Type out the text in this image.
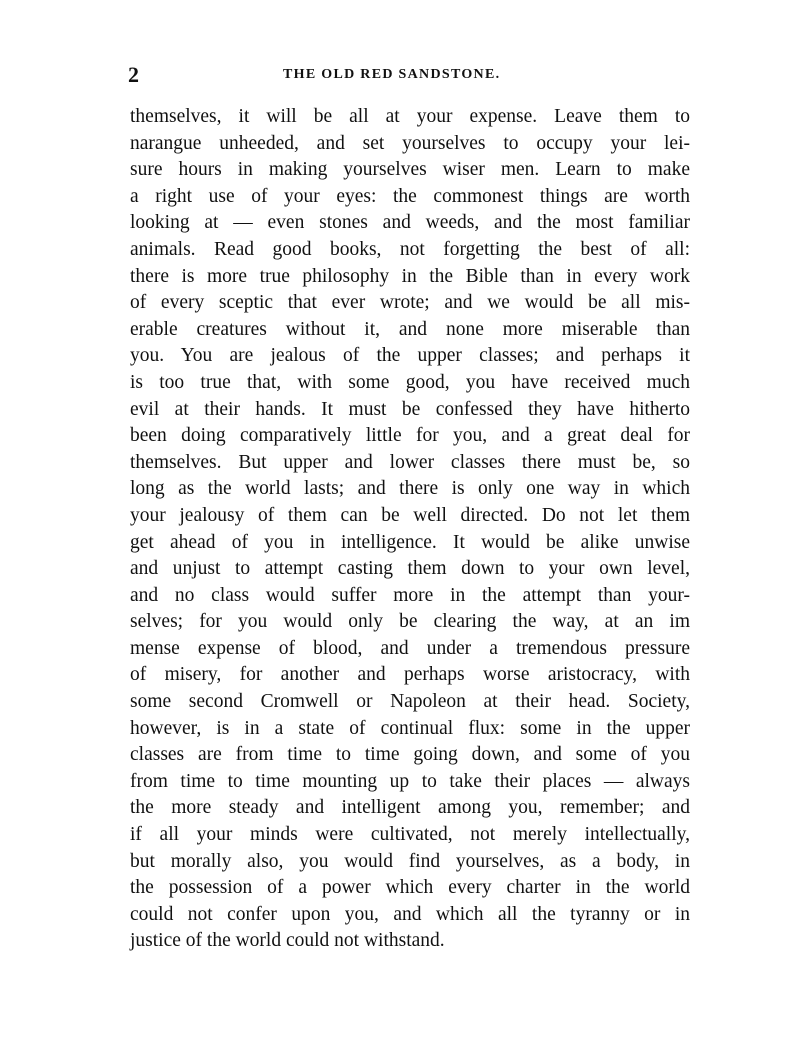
2	THE OLD RED SANDSTONE.
themselves, it will be all at your expense. Leave them to
narangue unheeded, and set yourselves to occupy your lei-
sure hours in making yourselves wiser men. Learn to make
a right use of your eyes: the commonest things are worth
looking at — even stones and weeds, and the most familiar
animals. Read good books, not forgetting the best of all:
there is more true philosophy in the Bible than in every work
of every sceptic that ever wrote; and we would be all mis-
erable creatures without it, and none more miserable than
you. You are jealous of the upper classes; and perhaps it
is too true that, with some good, you have received much
evil at their hands. It must be confessed they have hitherto
been doing comparatively little for you, and a great deal for
themselves. But upper and lower classes there must be, so
long as the world lasts; and there is only one way in which
your jealousy of them can be well directed. Do not let them
get ahead of you in intelligence. It would be alike unwise
and unjust to attempt casting them down to your own level,
and no class would suffer more in the attempt than your-
selves; for you would only be clearing the way, at an im
mense expense of blood, and under a tremendous pressure
of misery, for another and perhaps worse aristocracy, with
some second Cromwell or Napoleon at their head. Society,
however, is in a state of continual flux: some in the upper
classes are from time to time going down, and some of you
from time to time mounting up to take their places — always
the more steady and intelligent among you, remember; and
if all your minds were cultivated, not merely intellectually,
but morally also, you would find yourselves, as a body, in
the possession of a power which every charter in the world
could not confer upon you, and which all the tyranny or in
justice of the world could not withstand.
